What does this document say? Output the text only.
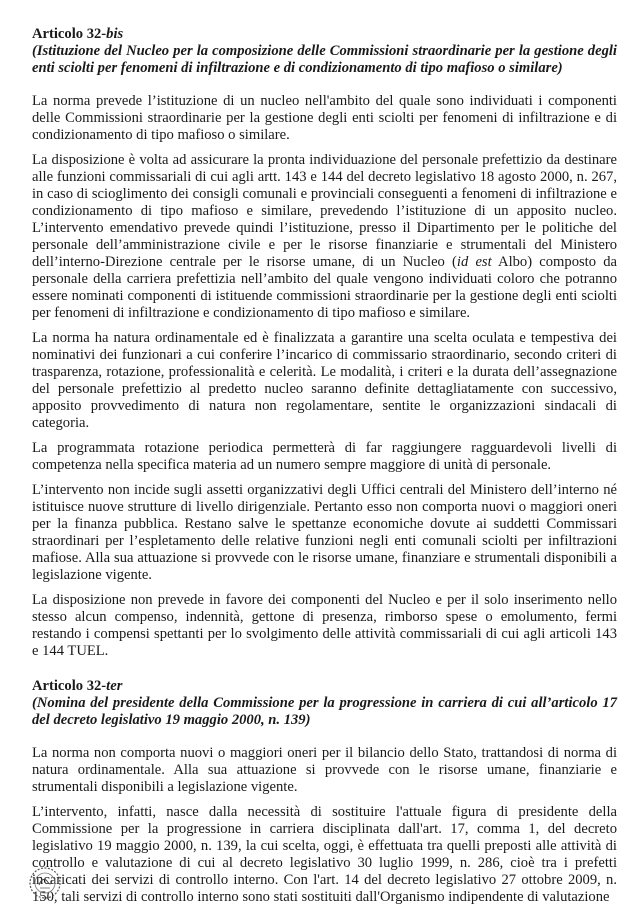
Articolo 32-bis

(Istituzione del Nucleo per la composizione delle Commissioni straordinarie per la gestione degli enti sciolti per fenomeni di infiltrazione e di condizionamento di tipo mafioso o similare)

La norma prevede l’istituzione di un nucleo nell'ambito del quale sono individuati i componenti delle Commissioni straordinarie per la gestione degli enti sciolti per fenomeni di infiltrazione e di condizionamento di tipo mafioso o similare.

La disposizione è volta ad assicurare la pronta individuazione del personale prefettizio da destinare alle funzioni commissariali di cui agli artt. 143 e 144 del decreto legislativo 18 agosto 2000, n. 267, in caso di scioglimento dei consigli comunali e provinciali conseguenti a fenomeni di infiltrazione e condizionamento di tipo mafioso e similare, prevedendo l’istituzione di un apposito nucleo. L’intervento emendativo prevede quindi l’istituzione, presso il Dipartimento per le politiche del personale dell’amministrazione civile e per le risorse finanziarie e strumentali del Ministero dell’interno-Direzione centrale per le risorse umane, di un Nucleo (id est Albo) composto da personale della carriera prefettizia nell’ambito del quale vengono individuati coloro che potranno essere nominati componenti di istituende commissioni straordinarie per la gestione degli enti sciolti per fenomeni di infiltrazione e condizionamento di tipo mafioso e similare.

La norma ha natura ordinamentale ed è finalizzata a garantire una scelta oculata e tempestiva dei nominativi dei funzionari a cui conferire l’incarico di commissario straordinario, secondo criteri di trasparenza, rotazione, professionalità e celerità. Le modalità, i criteri e la durata dell’assegnazione del personale prefettizio al predetto nucleo saranno definite dettagliatamente con successivo, apposito provvedimento di natura non regolamentare, sentite le organizzazioni sindacali di categoria.

La programmata rotazione periodica permetterà di far raggiungere ragguardevoli livelli di competenza nella specifica materia ad un numero sempre maggiore di unità di personale.

L’intervento non incide sugli assetti organizzativi degli Uffici centrali del Ministero dell’interno né istituisce nuove strutture di livello dirigenziale. Pertanto esso non comporta nuovi o maggiori oneri per la finanza pubblica. Restano salve le spettanze economiche dovute ai suddetti Commissari straordinari per l’espletamento delle relative funzioni negli enti comunali sciolti per infiltrazioni mafiose. Alla sua attuazione si provvede con le risorse umane, finanziare e strumentali disponibili a legislazione vigente.

La disposizione non prevede in favore dei componenti del Nucleo e per il solo inserimento nello stesso alcun compenso, indennità, gettone di presenza, rimborso spese o emolumento, fermi restando i compensi spettanti per lo svolgimento delle attività commissariali di cui agli articoli 143 e 144 TUEL.

Articolo 32-ter

(Nomina del presidente della Commissione per la progressione in carriera di cui all’articolo 17 del decreto legislativo 19 maggio 2000, n. 139)

La norma non comporta nuovi o maggiori oneri per il bilancio dello Stato, trattandosi di norma di natura ordinamentale. Alla sua attuazione si provvede con le risorse umane, finanziarie e strumentali disponibili a legislazione vigente.

L’intervento, infatti, nasce dalla necessità di sostituire l'attuale figura di presidente della Commissione per la progressione in carriera disciplinata dall'art. 17, comma 1, del decreto legislativo 19 maggio 2000, n. 139, la cui scelta, oggi, è effettuata tra quelli preposti alle attività di controllo e valutazione di cui al decreto legislativo 30 luglio 1999, n. 286, cioè tra i prefetti incaricati dei servizi di controllo interno. Con l'art. 14 del decreto legislativo 27 ottobre 2009, n. 150, tali servizi di controllo interno sono stati sostituiti dall'Organismo indipendente di valutazione
